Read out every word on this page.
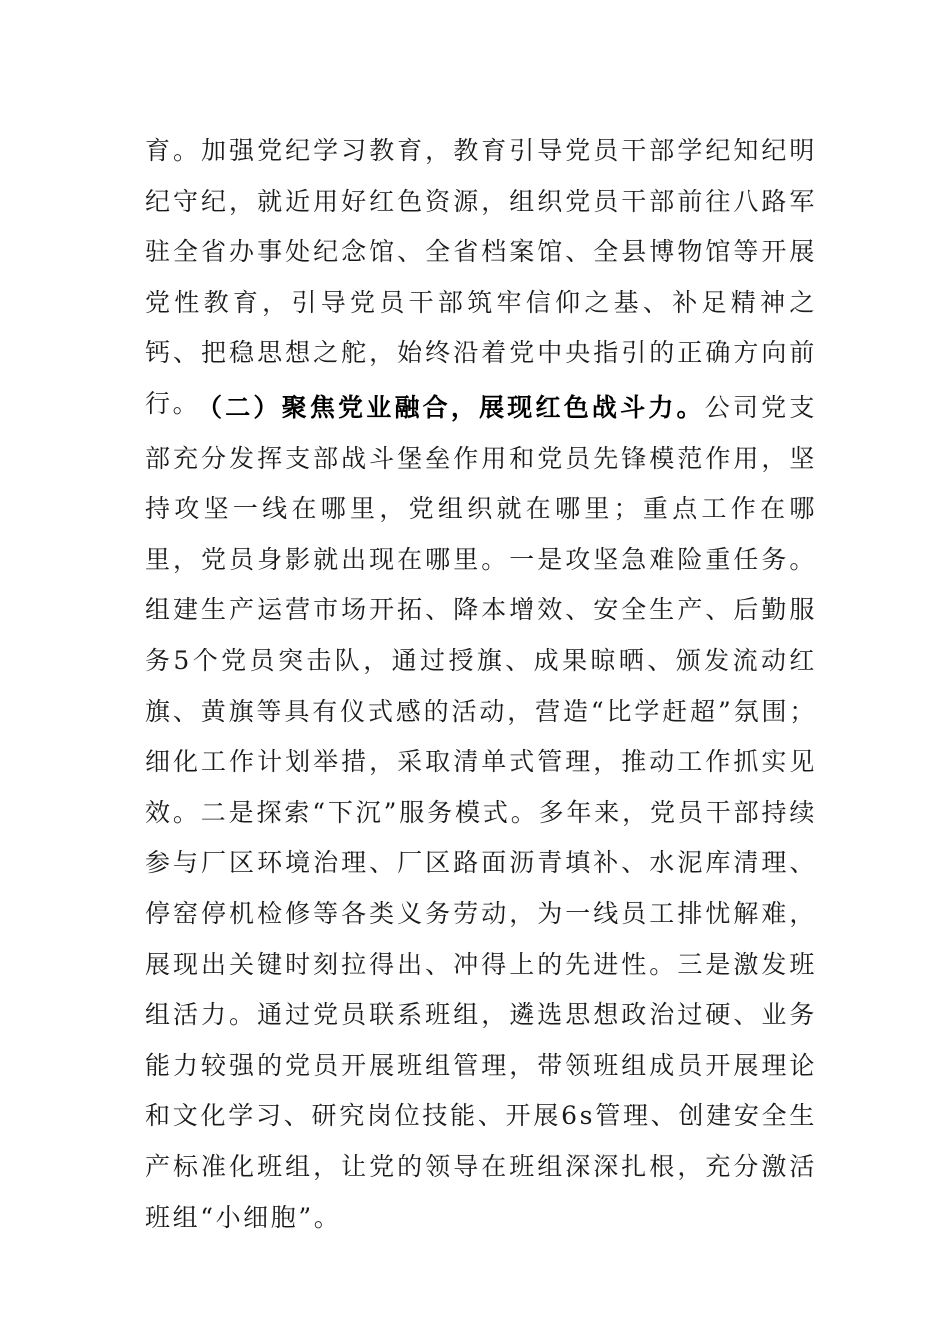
育。加强党纪学习教育，教育引导党员干部学纪知纪明纪守纪，就近用好红色资源，组织党员干部前往八路军驻全省办事处纪念馆、全省档案馆、全县博物馆等开展党性教育，引导党员干部筑牢信仰之基、补足精神之钙、把稳思想之舵，始终沿着党中央指引的正确方向前行。

（二）聚焦党业融合，展现红色战斗力。公司党支部充分发挥支部战斗堡垒作用和党员先锋模范作用，坚持攻坚一线在哪里，党组织就在哪里；重点工作在哪里，党员身影就出现在哪里。一是攻坚急难险重任务。组建生产运营市场开拓、降本增效、安全生产、后勤服务5个党员突击队，通过授旗、成果晾晒、颁发流动红旗、黄旗等具有仪式感的活动，营造“比学赶超”氛围；细化工作计划举措，采取清单式管理，推动工作抓实见效。二是探索“下沉”服务模式。多年来，党员干部持续参与厂区环境治理、厂区路面沥青填补、水泥库清理、停窑停机检修等各类义务劳动，为一线员工排忧解难，展现出关键时刻拉得出、冲得上的先进性。三是激发班组活力。通过党员联系班组，遴选思想政治过硬、业务能力较强的党员开展班组管理，带领班组成员开展理论和文化学习、研究岗位技能、开展6s管理、创建安全生产标准化班组，让党的领导在班组深深扎根，充分激活班组“小细胞”。
